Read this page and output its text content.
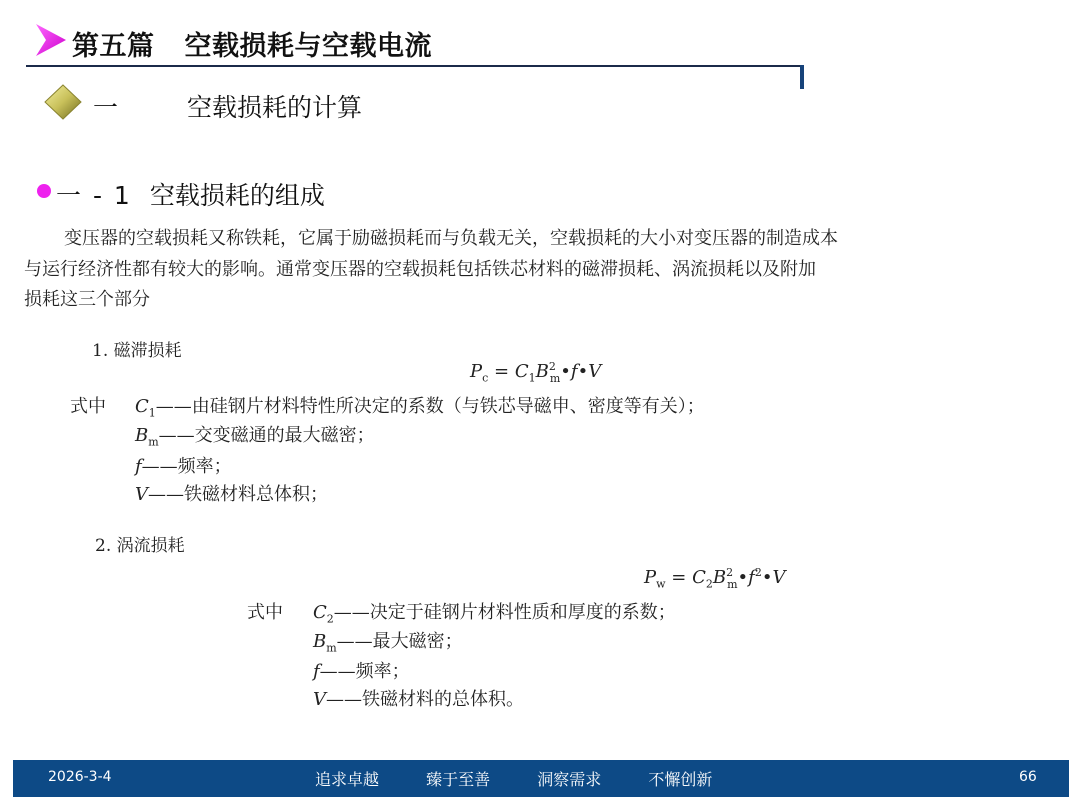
第五篇 空载损耗与空载电流
一	空载损耗的计算
一 - 1 空载损耗的组成

变压器的空载损耗又称铁耗，它属于励磁损耗而与负载无关，空载损耗的大小对变压器的制造成本

与运行经济性都有较大的影响。通常变压器的空载损耗包括铁芯材料的磁滞损耗、涡流损耗以及附加

损耗这三个部分

1. 磁滞损耗
$P_c$ = $C_1B^2_m•f•V$
式中 $C_1——$由硅钢片材料特性所决定的系数（与铁芯导磁申、密度等有关）；
$B_m——$交变磁通的最大磁密；
f——频率；
V——铁磁材料总体积；
2. 涡流损耗
$P_w$ = $C_2B^2_m•f^2•V$
式中 $C_2——$决定于硅钢片材料性质和厚度的系数；
$B_m——$最大磁密；
f——频率；
V——铁磁材料的总体积。
2026-3-4	追求卓越	臻于至善	洞察需求	不懈创新	66
